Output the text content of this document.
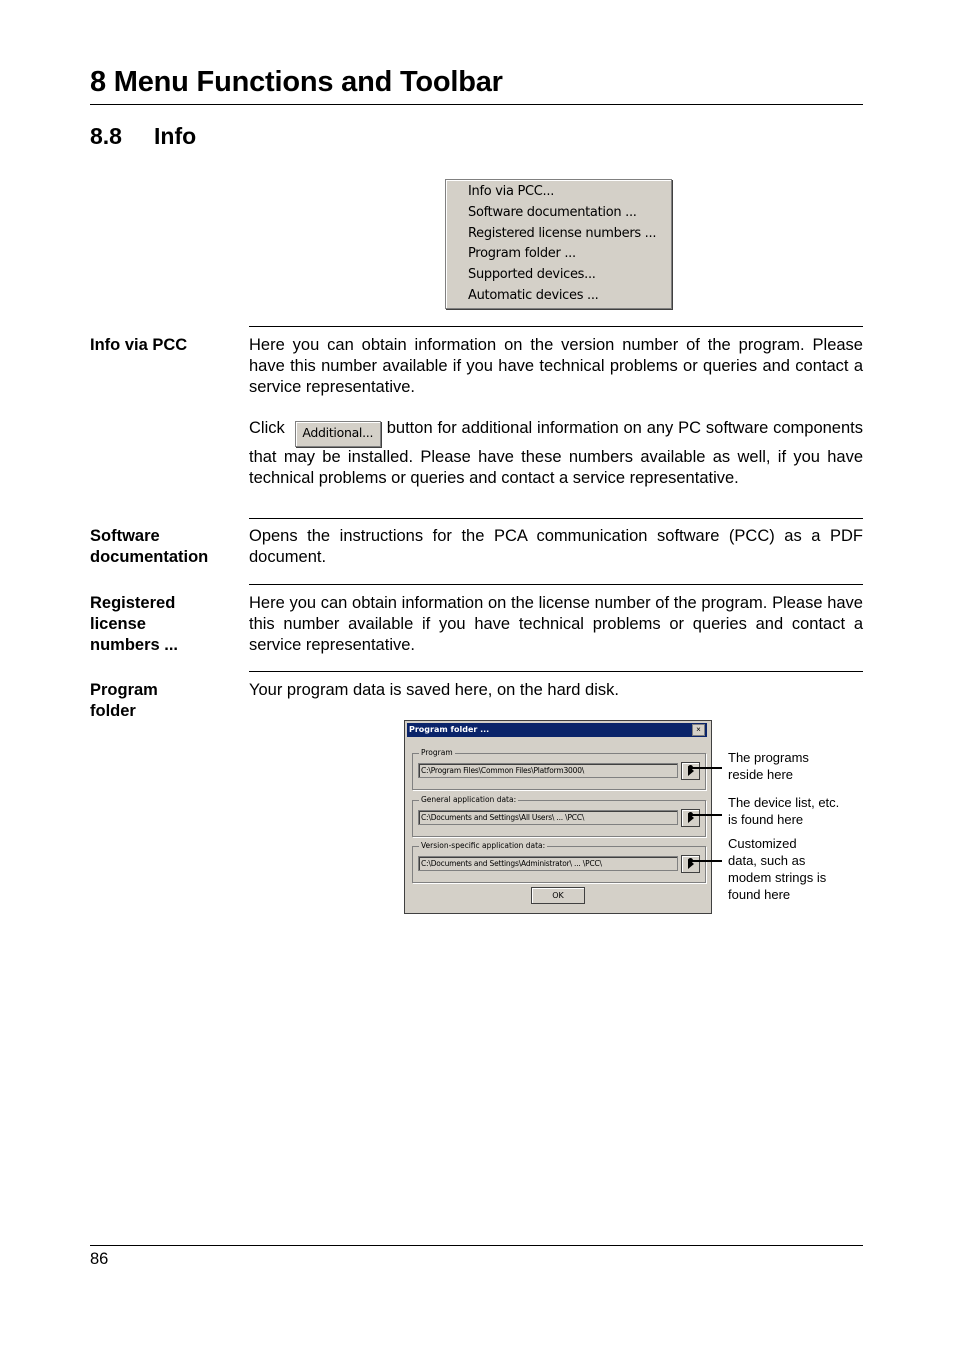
8 Menu Functions and Toolbar
8.8 Info
Info via PCC...
Software documentation ...
Registered license numbers ...
Program folder ...
Supported devices...
Automatic devices ...
Info via PCC	Here you can obtain information on the version number of the program. Please have this number available if you have technical problems or queries and contact a service representative.

Click Additional... button for additional information on any PC software components that may be installed. Please have these numbers available as well, if you have technical problems or queries and contact a service representative.

Software documentation

Opens the instructions for the PCA communication software (PCC) as a PDF document.

Registered license numbers ...

Here you can obtain information on the license number of the program. Please have this number available if you have technical problems or queries and contact a service representative.

Program folder

Your program data is saved here, on the hard disk.

Program folder ...	×
Program
C:\Program Files\Common Files\Platform3000\
General application data:
C:\Documents and Settings\All Users\ ... \PCC\
Version-specific application data:
C:\Documents and Settings\Administrator\ ... \PCC\
OK
The programs
reside here
The device list, etc.
is found here
Customized
data, such as
modem strings is
found here
86
